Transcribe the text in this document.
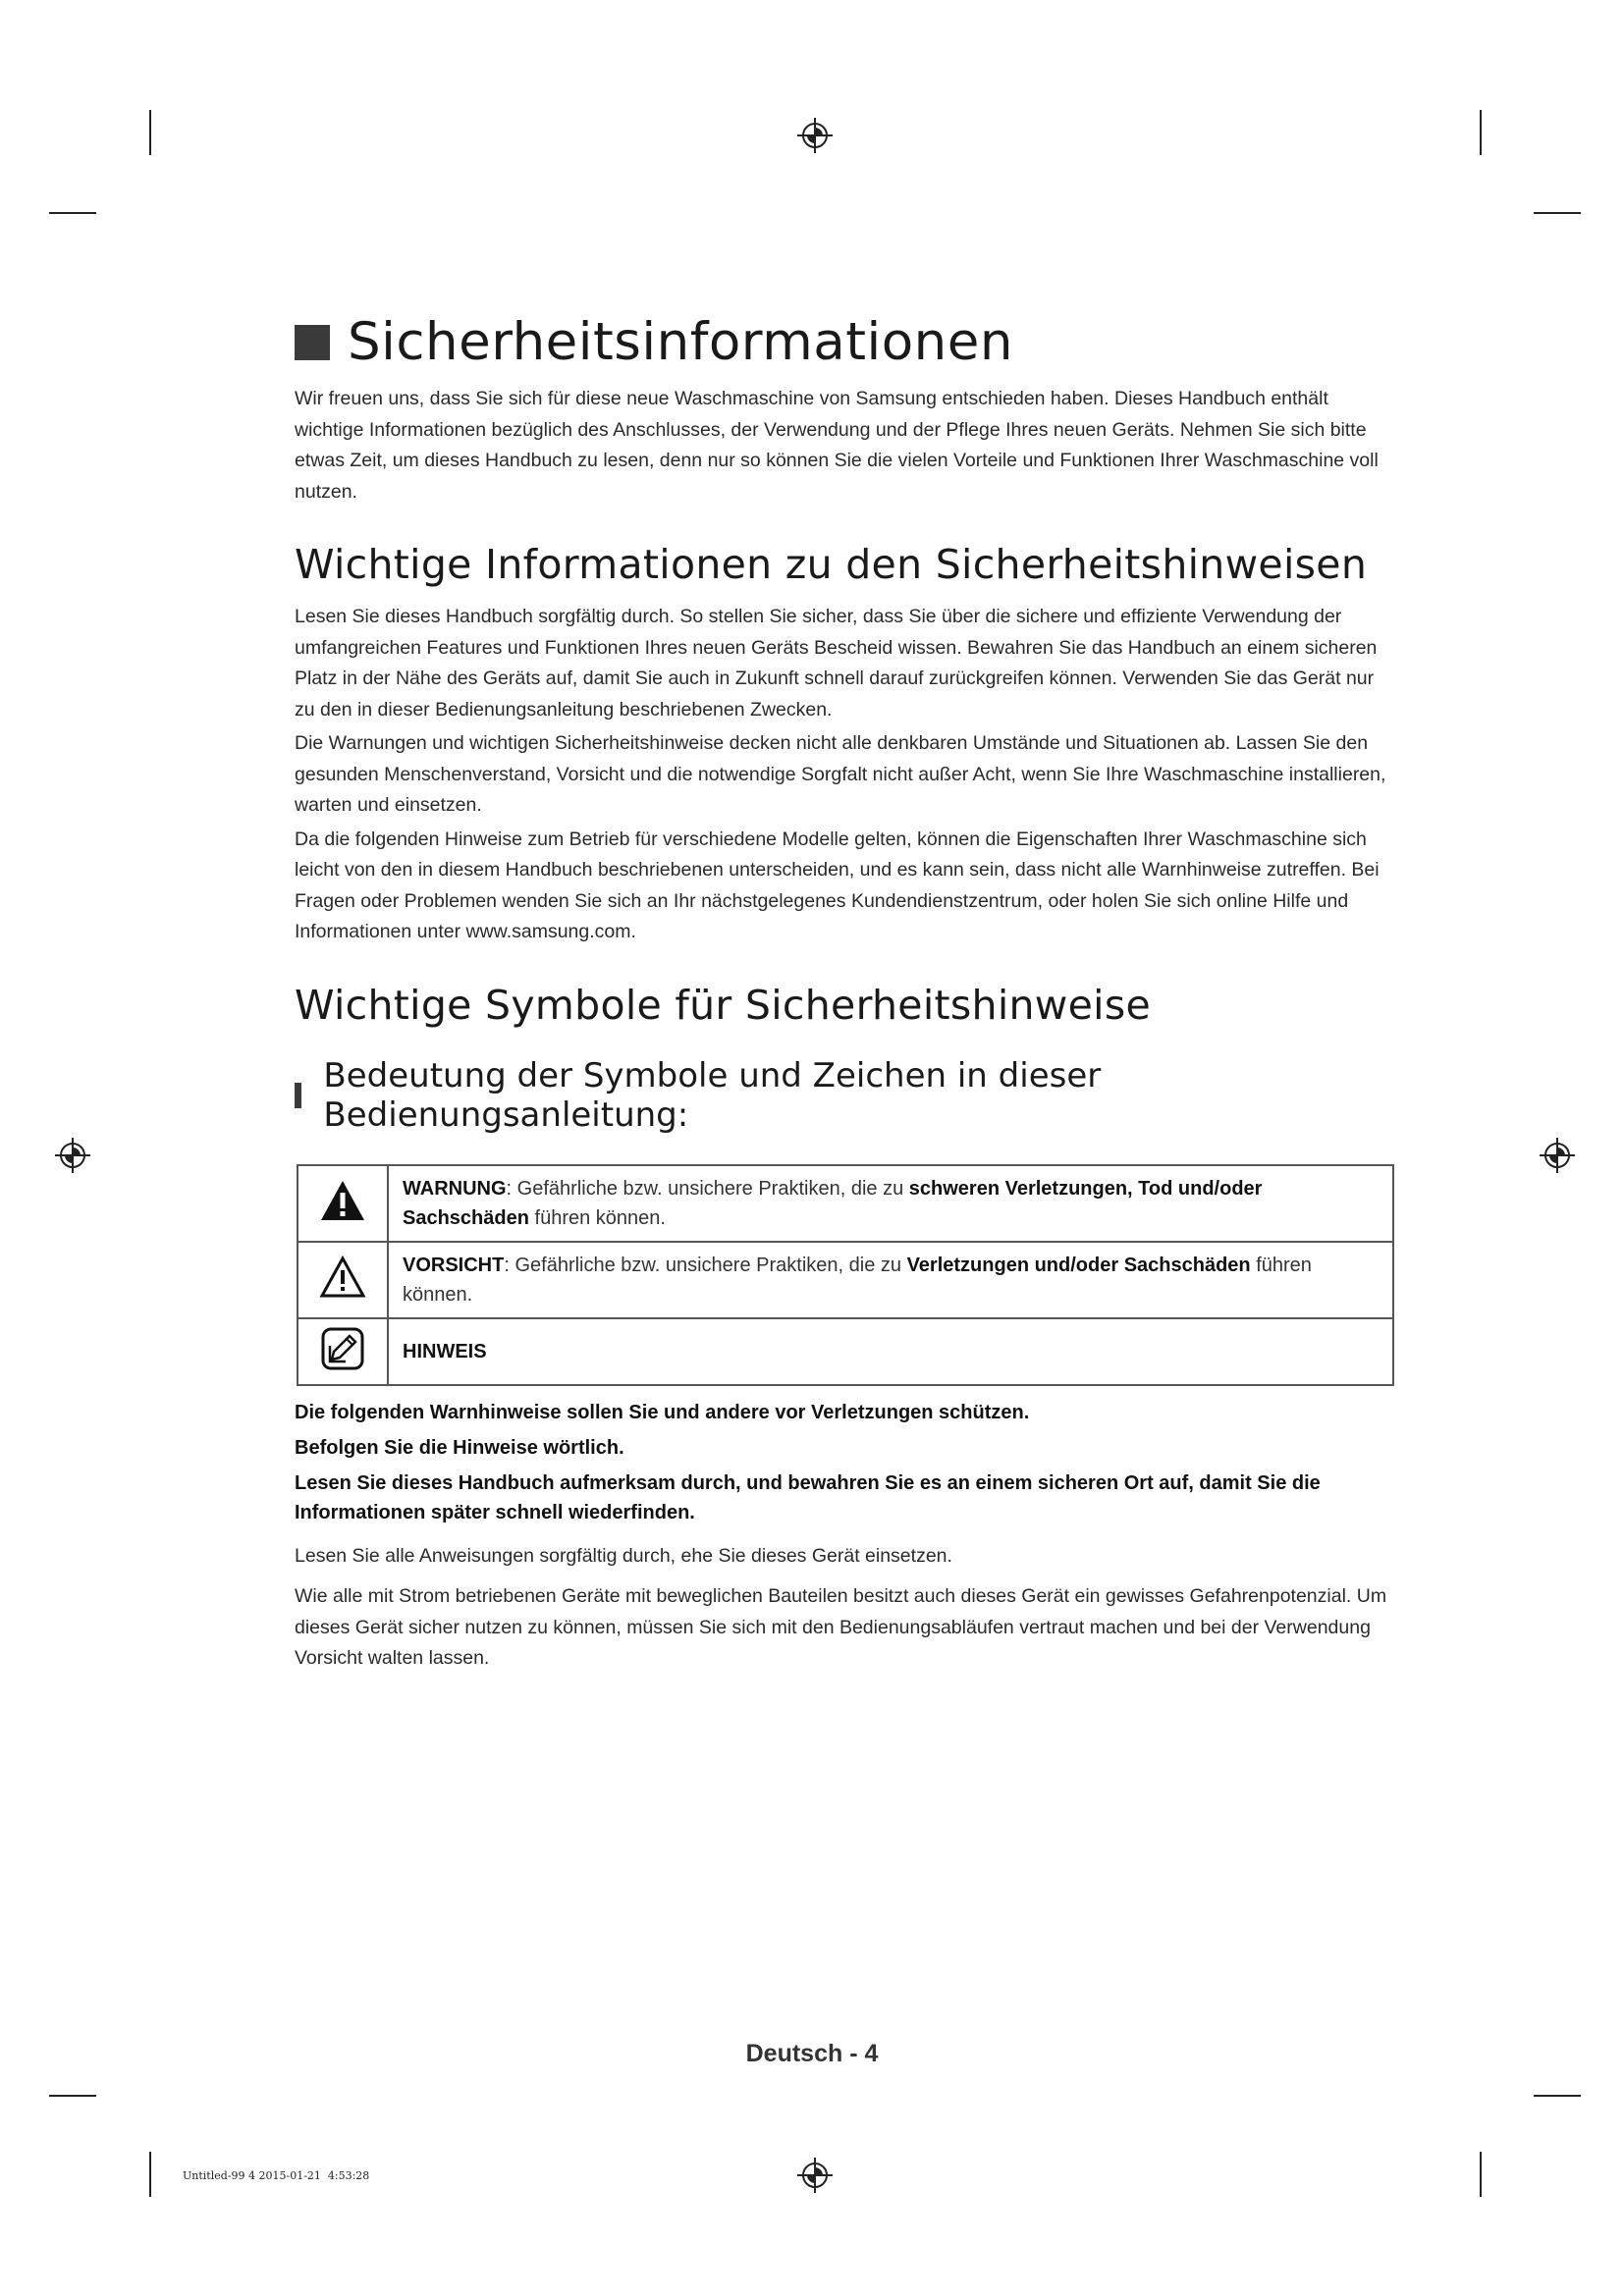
Sicherheitsinformationen

Wir freuen uns, dass Sie sich für diese neue Waschmaschine von Samsung entschieden haben. Dieses Handbuch enthält wichtige Informationen bezüglich des Anschlusses, der Verwendung und der Pflege Ihres neuen Geräts. Nehmen Sie sich bitte etwas Zeit, um dieses Handbuch zu lesen, denn nur so können Sie die vielen Vorteile und Funktionen Ihrer Waschmaschine voll nutzen.

Wichtige Informationen zu den Sicherheitshinweisen

Lesen Sie dieses Handbuch sorgfältig durch. So stellen Sie sicher, dass Sie über die sichere und effiziente Verwendung der umfangreichen Features und Funktionen Ihres neuen Geräts Bescheid wissen. Bewahren Sie das Handbuch an einem sicheren Platz in der Nähe des Geräts auf, damit Sie auch in Zukunft schnell darauf zurückgreifen können. Verwenden Sie das Gerät nur zu den in dieser Bedienungsanleitung beschriebenen Zwecken.

Die Warnungen und wichtigen Sicherheitshinweise decken nicht alle denkbaren Umstände und Situationen ab. Lassen Sie den gesunden Menschenverstand, Vorsicht und die notwendige Sorgfalt nicht außer Acht, wenn Sie Ihre Waschmaschine installieren, warten und einsetzen.

Da die folgenden Hinweise zum Betrieb für verschiedene Modelle gelten, können die Eigenschaften Ihrer Waschmaschine sich leicht von den in diesem Handbuch beschriebenen unterscheiden, und es kann sein, dass nicht alle Warnhinweise zutreffen. Bei Fragen oder Problemen wenden Sie sich an Ihr nächstgelegenes Kundendienstzentrum, oder holen Sie sich online Hilfe und Informationen unter www.samsung.com.

Wichtige Symbole für Sicherheitshinweise
Bedeutung der Symbole und Zeichen in dieser Bedienungsanleitung:
	WARNUNG: Gefährliche bzw. unsichere Praktiken, die zu schweren Verletzungen, Tod und/oder Sachschäden führen können.
	VORSICHT: Gefährliche bzw. unsichere Praktiken, die zu Verletzungen und/oder Sachschäden führen können.
	HINWEIS

Die folgenden Warnhinweise sollen Sie und andere vor Verletzungen schützen.

Befolgen Sie die Hinweise wörtlich.

Lesen Sie dieses Handbuch aufmerksam durch, und bewahren Sie es an einem sicheren Ort auf, damit Sie die Informationen später schnell wiederfinden.

Lesen Sie alle Anweisungen sorgfältig durch, ehe Sie dieses Gerät einsetzen.

Wie alle mit Strom betriebenen Geräte mit beweglichen Bauteilen besitzt auch dieses Gerät ein gewisses Gefahrenpotenzial. Um dieses Gerät sicher nutzen zu können, müssen Sie sich mit den Bedienungsabläufen vertraut machen und bei der Verwendung Vorsicht walten lassen.

Deutsch - 4
Untitled-99 4 2015-01-21 ￼ 4:53:28
